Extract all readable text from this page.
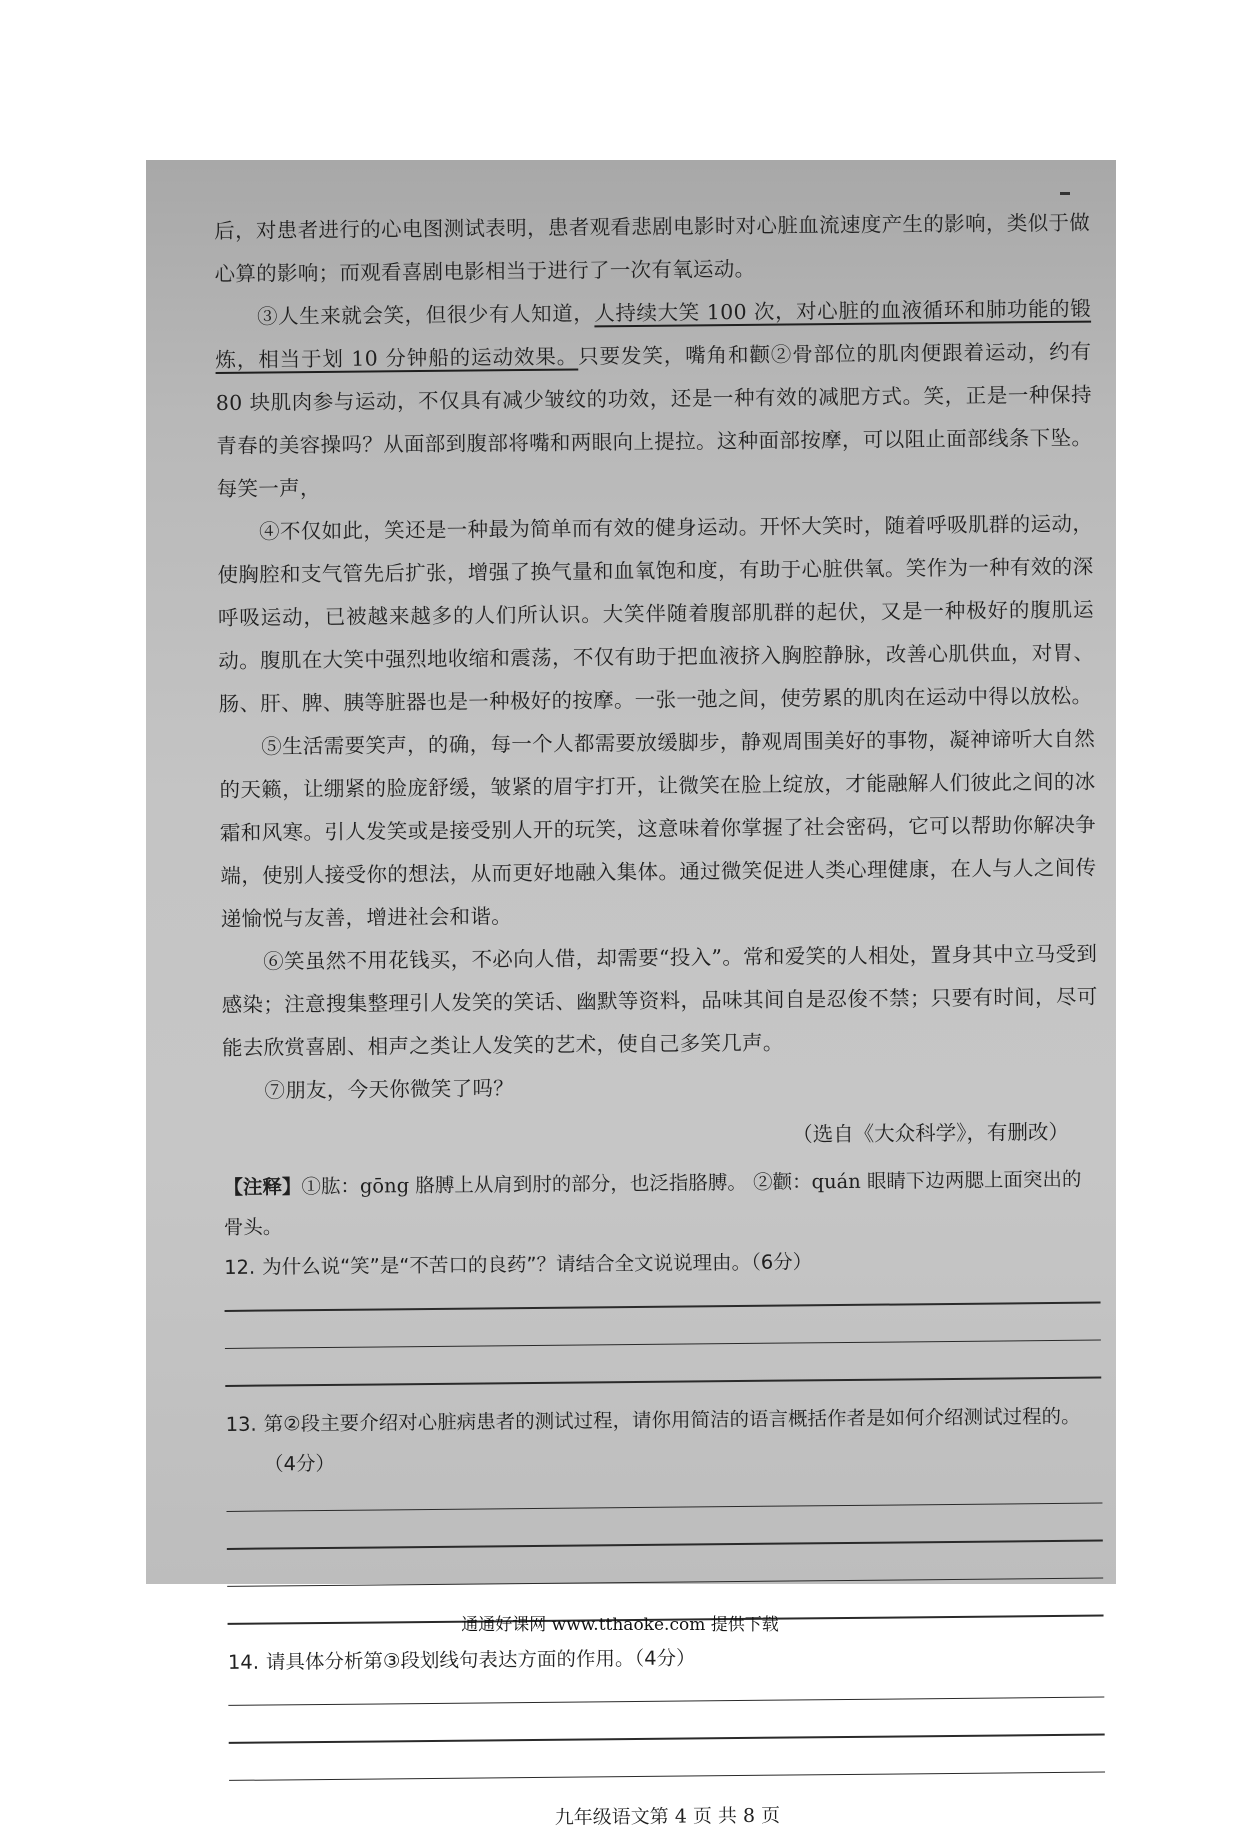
后，对患者进行的心电图测试表明，患者观看悲剧电影时对心脏血流速度产生的影响，类似于做心算的影响；而观看喜剧电影相当于进行了一次有氧运动。

③人生来就会笑，但很少有人知道，人持续大笑 100 次，对心脏的血液循环和肺功能的锻炼，相当于划 10 分钟船的运动效果。只要发笑，嘴角和颧②骨部位的肌肉便跟着运动，约有 80 块肌肉参与运动，不仅具有减少皱纹的功效，还是一种有效的减肥方式。笑，正是一种保持青春的美容操吗？从面部到腹部将嘴和两眼向上提拉。这种面部按摩，可以阻止面部线条下坠。每笑一声，

④不仅如此，笑还是一种最为简单而有效的健身运动。开怀大笑时，随着呼吸肌群的运动，使胸腔和支气管先后扩张，增强了换气量和血氧饱和度，有助于心脏供氧。笑作为一种有效的深呼吸运动，已被越来越多的人们所认识。大笑伴随着腹部肌群的起伏，又是一种极好的腹肌运动。腹肌在大笑中强烈地收缩和震荡，不仅有助于把血液挤入胸腔静脉，改善心肌供血，对胃、肠、肝、脾、胰等脏器也是一种极好的按摩。一张一弛之间，使劳累的肌肉在运动中得以放松。

⑤生活需要笑声，的确，每一个人都需要放缓脚步，静观周围美好的事物，凝神谛听大自然的天籁，让绷紧的脸庞舒缓，皱紧的眉宇打开，让微笑在脸上绽放，才能融解人们彼此之间的冰霜和风寒。引人发笑或是接受别人开的玩笑，这意味着你掌握了社会密码，它可以帮助你解决争端，使别人接受你的想法，从而更好地融入集体。通过微笑促进人类心理健康，在人与人之间传递愉悦与友善，增进社会和谐。

⑥笑虽然不用花钱买，不必向人借，却需要“投入”。常和爱笑的人相处，置身其中立马受到感染；注意搜集整理引人发笑的笑话、幽默等资料，品味其间自是忍俊不禁；只要有时间，尽可能去欣赏喜剧、相声之类让人发笑的艺术，使自己多笑几声。

⑦朋友，今天你微笑了吗？

（选自《大众科学》，有删改）

【注释】①肱：gōng 胳膊上从肩到肘的部分，也泛指胳膊。 ②颧：quán 眼睛下边两腮上面突出的骨头。

12. 为什么说“笑”是“不苦口的良药”？请结合全文说说理由。（6分）
13. 第②段主要介绍对心脏病患者的测试过程，请你用简洁的语言概括作者是如何介绍测试过程的。（4分）
14. 请具体分析第③段划线句表达方面的作用。（4分）
九年级语文第 4 页 共 8 页
通通好课网 www.tthaoke.com 提供下载
